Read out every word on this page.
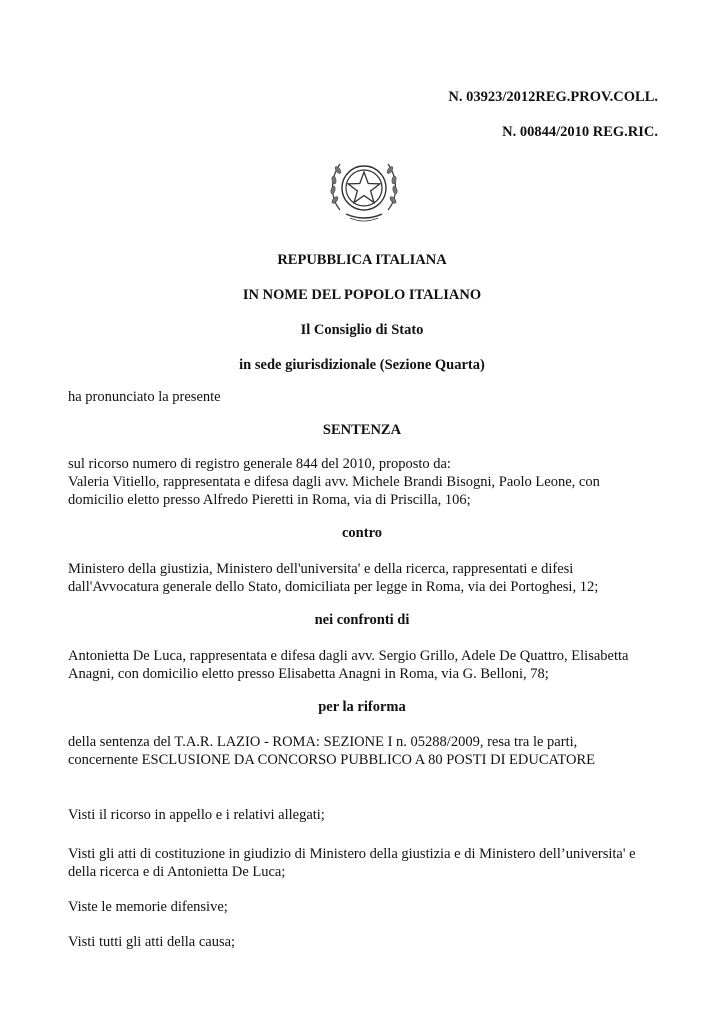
N. 03923/2012REG.PROV.COLL.
N. 00844/2010 REG.RIC.
REPUBBLICA ITALIANA
IN NOME DEL POPOLO ITALIANO
Il Consiglio di Stato
in sede giurisdizionale (Sezione Quarta)
ha pronunciato la presente
SENTENZA
sul ricorso numero di registro generale 844 del 2010, proposto da:
Valeria Vitiello, rappresentata e difesa dagli avv. Michele Brandi Bisogni, Paolo Leone, con
domicilio eletto presso Alfredo Pieretti in Roma, via di Priscilla, 106;
contro
Ministero della giustizia, Ministero dell'universita' e della ricerca, rappresentati e difesi
dall'Avvocatura generale dello Stato, domiciliata per legge in Roma, via dei Portoghesi, 12;
nei confronti di
Antonietta De Luca, rappresentata e difesa dagli avv. Sergio Grillo, Adele De Quattro, Elisabetta
Anagni, con domicilio eletto presso Elisabetta Anagni in Roma, via G. Belloni, 78;
per la riforma
della sentenza del T.A.R. LAZIO - ROMA: SEZIONE I n. 05288/2009, resa tra le parti,
concernente ESCLUSIONE DA CONCORSO PUBBLICO A 80 POSTI DI EDUCATORE
Visti il ricorso in appello e i relativi allegati;
Visti gli atti di costituzione in giudizio di Ministero della giustizia e di Ministero dell’universita' e
della ricerca e di Antonietta De Luca;
Viste le memorie difensive;
Visti tutti gli atti della causa;
